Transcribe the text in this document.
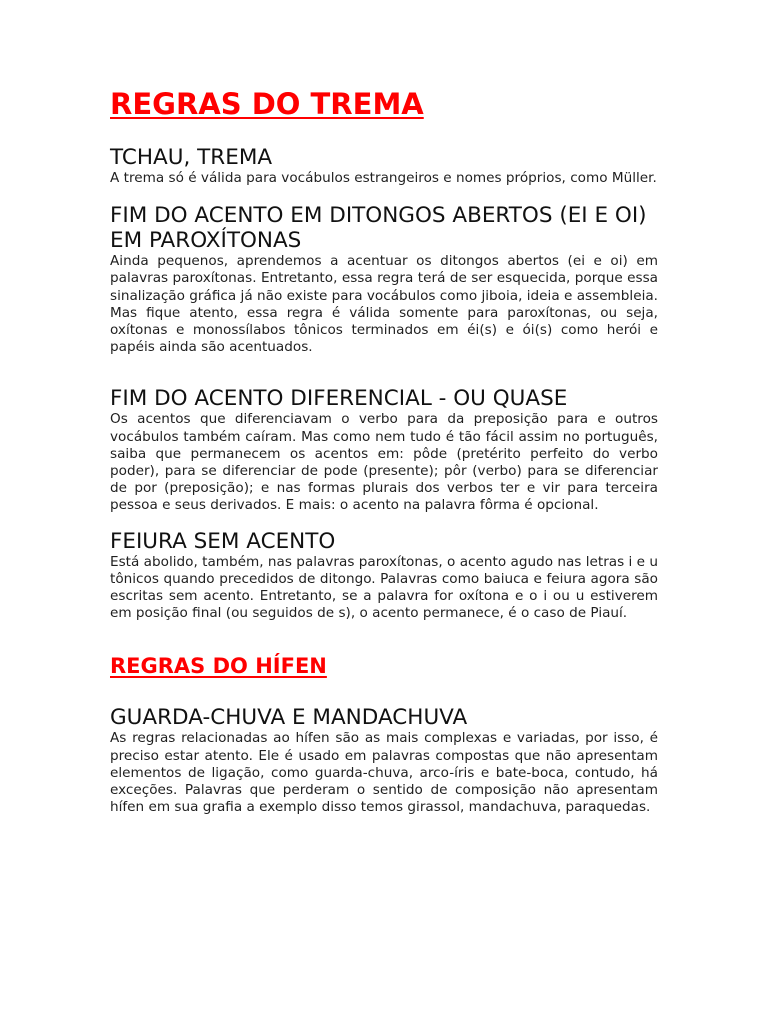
REGRAS DO TREMA
TCHAU, TREMA

A trema só é válida para vocábulos estrangeiros e nomes próprios, como Müller.

FIM DO ACENTO EM DITONGOS ABERTOS (EI E OI) EM PAROXÍTONAS

Ainda pequenos, aprendemos a acentuar os ditongos abertos (ei e oi) em palavras paroxítonas. Entretanto, essa regra terá de ser esquecida, porque essa sinalização gráfica já não existe para vocábulos como jiboia, ideia e assembleia. Mas fique atento, essa regra é válida somente para paroxítonas, ou seja, oxítonas e monossílabos tônicos terminados em éi(s) e ói(s) como herói e papéis ainda são acentuados.

FIM DO ACENTO DIFERENCIAL - OU QUASE

Os acentos que diferenciavam o verbo para da preposição para e outros vocábulos também caíram. Mas como nem tudo é tão fácil assim no português, saiba que permanecem os acentos em: pôde (pretérito perfeito do verbo poder), para se diferenciar de pode (presente); pôr (verbo) para se diferenciar de por (preposição); e nas formas plurais dos verbos ter e vir para terceira pessoa e seus derivados. E mais: o acento na palavra fôrma é opcional.

FEIURA SEM ACENTO

Está abolido, também, nas palavras paroxítonas, o acento agudo nas letras i e u tônicos quando precedidos de ditongo. Palavras como baiuca e feiura agora são escritas sem acento. Entretanto, se a palavra for oxítona e o i ou u estiverem em posição final (ou seguidos de s), o acento permanece, é o caso de Piauí.

REGRAS DO HÍFEN
GUARDA-CHUVA E MANDACHUVA

As regras relacionadas ao hífen são as mais complexas e variadas, por isso, é preciso estar atento. Ele é usado em palavras compostas que não apresentam elementos de ligação, como guarda-chuva, arco-íris e bate-boca, contudo, há exceções. Palavras que perderam o sentido de composição não apresentam hífen em sua grafia a exemplo disso temos girassol, mandachuva, paraquedas.
